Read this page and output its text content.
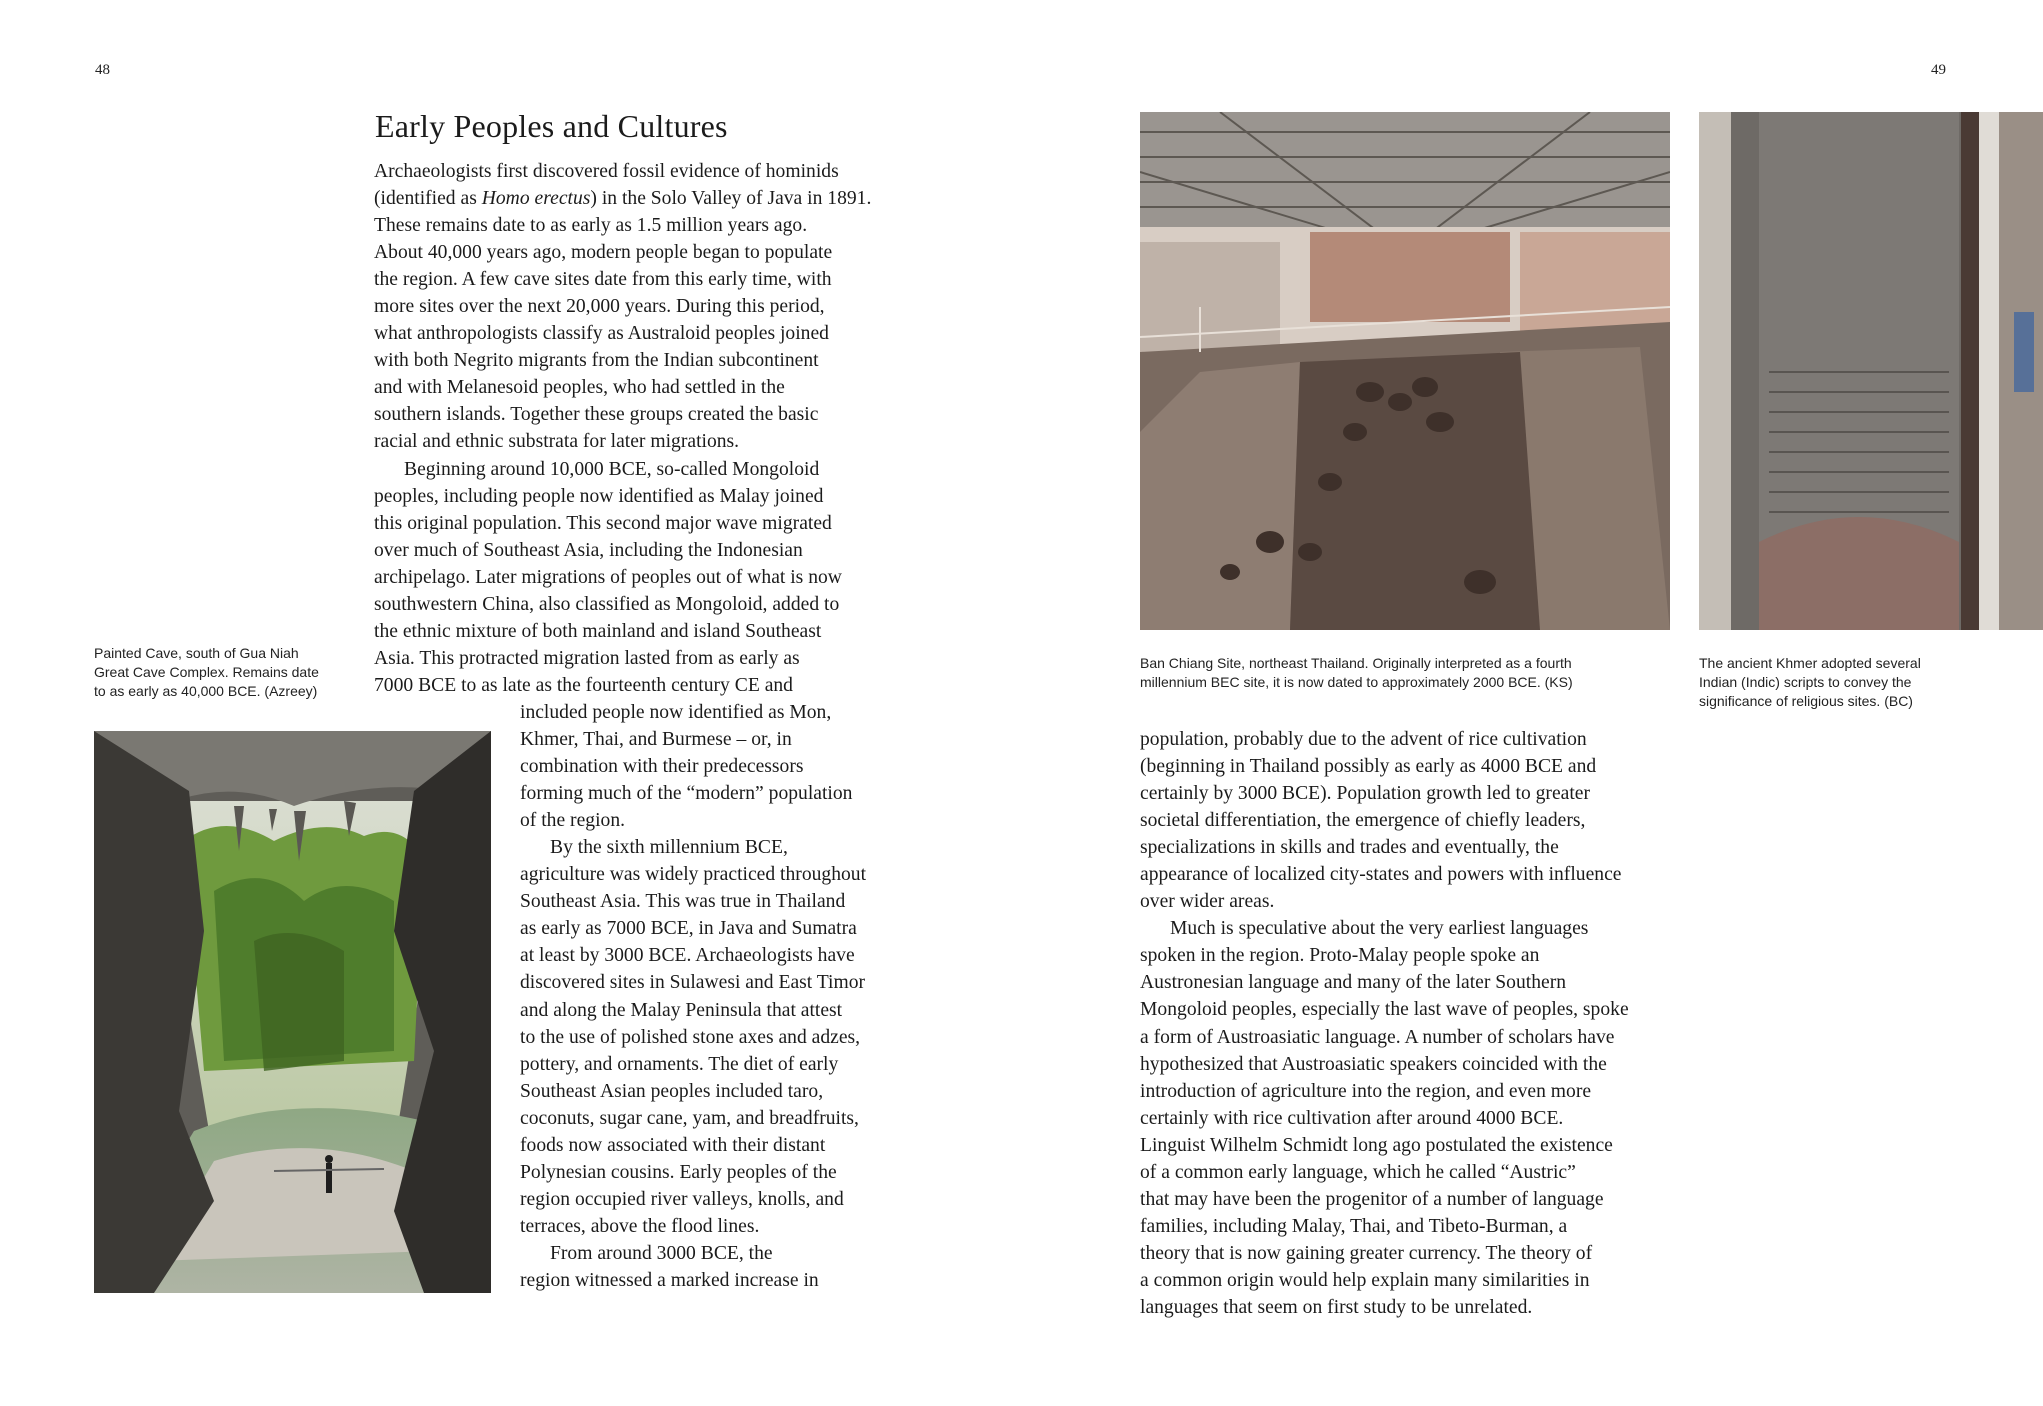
48	49
Early Peoples and Cultures

Archaeologists first discovered fossil evidence of hominids

(identified as Homo erectus) in the Solo Valley of Java in 1891.

These remains date to as early as 1.5 million years ago.

About 40,000 years ago, modern people began to populate

the region. A few cave sites date from this early time, with

more sites over the next 20,000 years. During this period,

what anthropologists classify as Australoid peoples joined

with both Negrito migrants from the Indian subcontinent

and with Melanesoid peoples, who had settled in the

southern islands. Together these groups created the basic

racial and ethnic substrata for later migrations.

Beginning around 10,000 BCE, so-called Mongoloid

peoples, including people now identified as Malay joined

this original population. This second major wave migrated

over much of Southeast Asia, including the Indonesian

archipelago. Later migrations of peoples out of what is now

southwestern China, also classified as Mongoloid, added to

the ethnic mixture of both mainland and island Southeast

Asia. This protracted migration lasted from as early as

7000 BCE to as late as the fourteenth century CE and

included people now identified as Mon,

Khmer, Thai, and Burmese – or, in

combination with their predecessors

forming much of the “modern” population

of the region.

By the sixth millennium BCE,

agriculture was widely practiced throughout

Southeast Asia. This was true in Thailand

as early as 7000 BCE, in Java and Sumatra

at least by 3000 BCE. Archaeologists have

discovered sites in Sulawesi and East Timor

and along the Malay Peninsula that attest

to the use of polished stone axes and adzes,

pottery, and ornaments. The diet of early

Southeast Asian peoples included taro,

coconuts, sugar cane, yam, and breadfruits,

foods now associated with their distant

Polynesian cousins. Early peoples of the

region occupied river valleys, knolls, and

terraces, above the flood lines.

From around 3000 BCE, the

region witnessed a marked increase in

Painted Cave, south of Gua Niah
Great Cave Complex. Remains date
to as early as 40,000 BCE. (Azreey)
Ban Chiang Site, northeast Thailand. Originally interpreted as a fourth
millennium BEC site, it is now dated to approximately 2000 BCE. (KS)
The ancient Khmer adopted several
Indian (Indic) scripts to convey the
significance of religious sites. (BC)

population, probably due to the advent of rice cultivation

(beginning in Thailand possibly as early as 4000 BCE and

certainly by 3000 BCE). Population growth led to greater

societal differentiation, the emergence of chiefly leaders,

specializations in skills and trades and eventually, the

appearance of localized city-states and powers with influence

over wider areas.

Much is speculative about the very earliest languages

spoken in the region. Proto-Malay people spoke an

Austronesian language and many of the later Southern

Mongoloid peoples, especially the last wave of peoples, spoke

a form of Austroasiatic language. A number of scholars have

hypothesized that Austroasiatic speakers coincided with the

introduction of agriculture into the region, and even more

certainly with rice cultivation after around 4000 BCE.

Linguist Wilhelm Schmidt long ago postulated the existence

of a common early language, which he called “Austric”

that may have been the progenitor of a number of language

families, including Malay, Thai, and Tibeto-Burman, a

theory that is now gaining greater currency. The theory of

a common origin would help explain many similarities in

languages that seem on first study to be unrelated.
